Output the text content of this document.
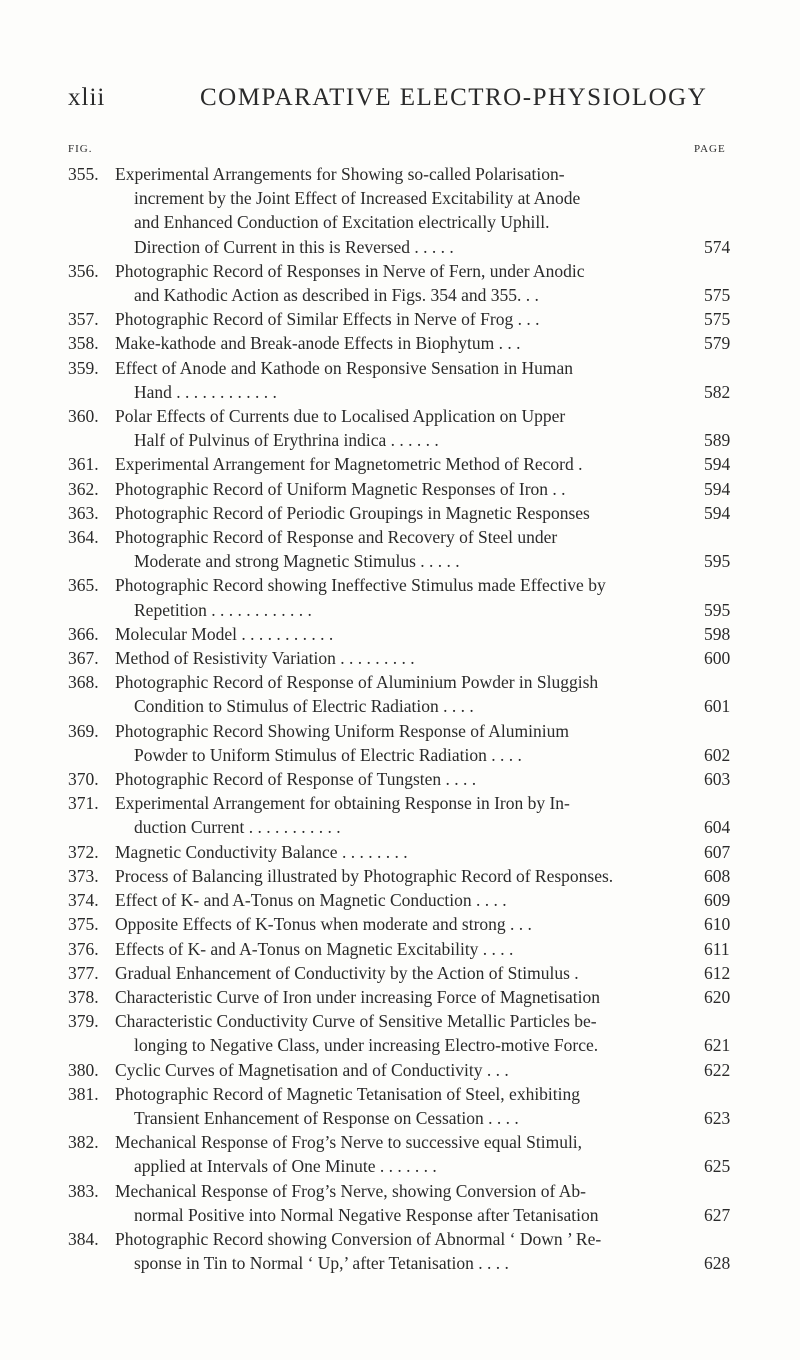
xlii	COMPARATIVE ELECTRO-PHYSIOLOGY
FIG.	PAGE
355. Experimental Arrangements for Showing so-called Polarisation-
increment by the Joint Effect of Increased Excitability at Anode
and Enhanced Conduction of Excitation electrically Uphill.
Direction of Current in this is Reversed . . . . .	574
356. Photographic Record of Responses in Nerve of Fern, under Anodic
and Kathodic Action as described in Figs. 354 and 355. . .	575
357. Photographic Record of Similar Effects in Nerve of Frog . . .	575
358. Make-kathode and Break-anode Effects in Biophytum . . .	579
359. Effect of Anode and Kathode on Responsive Sensation in Human
Hand . . . . . . . . . . . .	582
360. Polar Effects of Currents due to Localised Application on Upper
Half of Pulvinus of Erythrina indica . . . . . .	589
361. Experimental Arrangement for Magnetometric Method of Record .	594
362. Photographic Record of Uniform Magnetic Responses of Iron . .	594
363. Photographic Record of Periodic Groupings in Magnetic Responses	594
364. Photographic Record of Response and Recovery of Steel under
Moderate and strong Magnetic Stimulus . . . . .	595
365. Photographic Record showing Ineffective Stimulus made Effective by
Repetition . . . . . . . . . . . .	595
366. Molecular Model . . . . . . . . . . .	598
367. Method of Resistivity Variation . . . . . . . . .	600
368. Photographic Record of Response of Aluminium Powder in Sluggish
Condition to Stimulus of Electric Radiation . . . .	601
369. Photographic Record Showing Uniform Response of Aluminium
Powder to Uniform Stimulus of Electric Radiation . . . .	602
370. Photographic Record of Response of Tungsten . . . .	603
371. Experimental Arrangement for obtaining Response in Iron by In-
duction Current . . . . . . . . . . .	604
372. Magnetic Conductivity Balance . . . . . . . .	607
373. Process of Balancing illustrated by Photographic Record of Responses.	608
374. Effect of K- and A-Tonus on Magnetic Conduction . . . .	609
375. Opposite Effects of K-Tonus when moderate and strong . . .	610
376. Effects of K- and A-Tonus on Magnetic Excitability . . . .	611
377. Gradual Enhancement of Conductivity by the Action of Stimulus .	612
378. Characteristic Curve of Iron under increasing Force of Magnetisation	620
379. Characteristic Conductivity Curve of Sensitive Metallic Particles be-
longing to Negative Class, under increasing Electro-motive Force.	621
380. Cyclic Curves of Magnetisation and of Conductivity . . .	622
381. Photographic Record of Magnetic Tetanisation of Steel, exhibiting
Transient Enhancement of Response on Cessation . . . .	623
382. Mechanical Response of Frog’s Nerve to successive equal Stimuli,
applied at Intervals of One Minute . . . . . . .	625
383. Mechanical Response of Frog’s Nerve, showing Conversion of Ab-
normal Positive into Normal Negative Response after Tetanisation	627
384. Photographic Record showing Conversion of Abnormal ‘ Down ’ Re-
sponse in Tin to Normal ‘ Up,’ after Tetanisation . . . .	628
